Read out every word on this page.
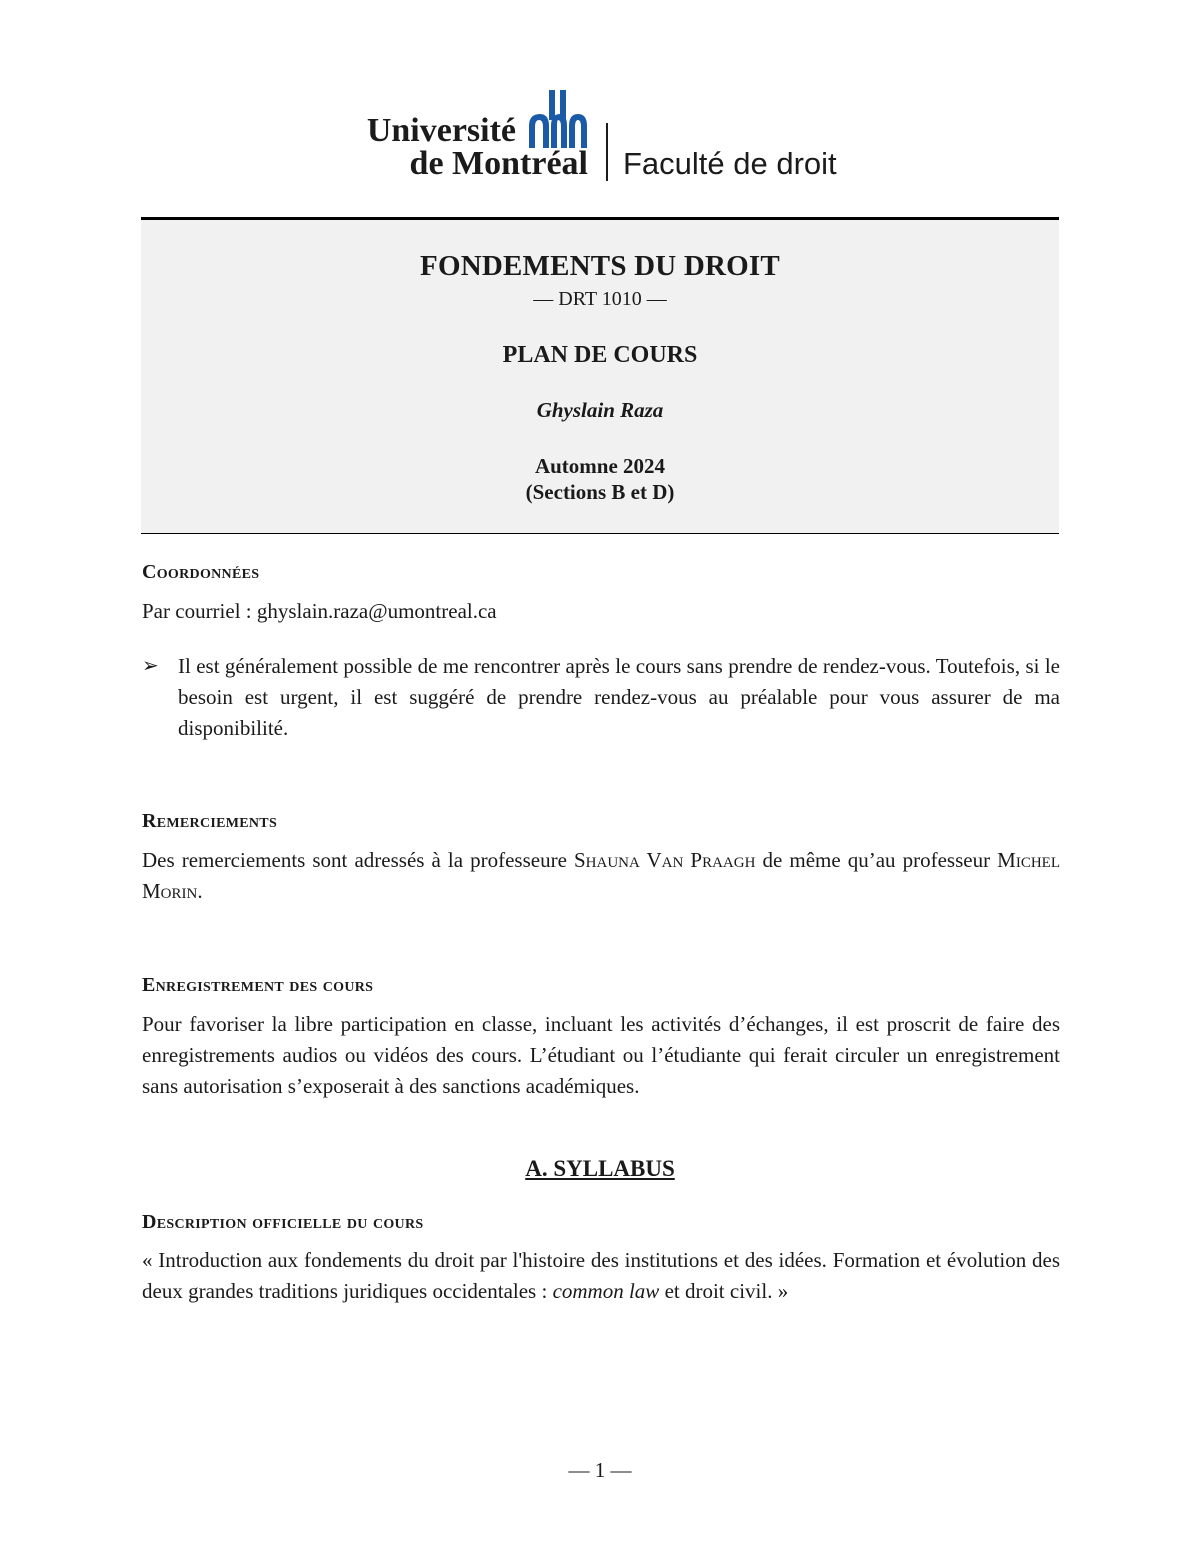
Université
de Montréal Faculté de droit
FONDEMENTS DU DROIT
— DRT 1010 —
PLAN DE COURS
Ghyslain Raza
Automne 2024
(Sections B et D)

Coordonnées

Par courriel : ghyslain.raza@umontreal.ca

➢ Il est généralement possible de me rencontrer après le cours sans prendre de rendez-vous. Toutefois, si le besoin est urgent, il est suggéré de prendre rendez-vous au préalable pour vous assurer de ma disponibilité.

Remerciements

Des remerciements sont adressés à la professeure Shauna Van Praagh de même qu’au professeur Michel Morin.

Enregistrement des cours

Pour favoriser la libre participation en classe, incluant les activités d’échanges, il est proscrit de faire des enregistrements audios ou vidéos des cours. L’étudiant ou l’étudiante qui ferait circuler un enregistrement sans autorisation s’exposerait à des sanctions académiques.

A. SYLLABUS

Description officielle du cours

« Introduction aux fondements du droit par l'histoire des institutions et des idées. Formation et évolution des deux grandes traditions juridiques occidentales : common law et droit civil. »

— 1 —
